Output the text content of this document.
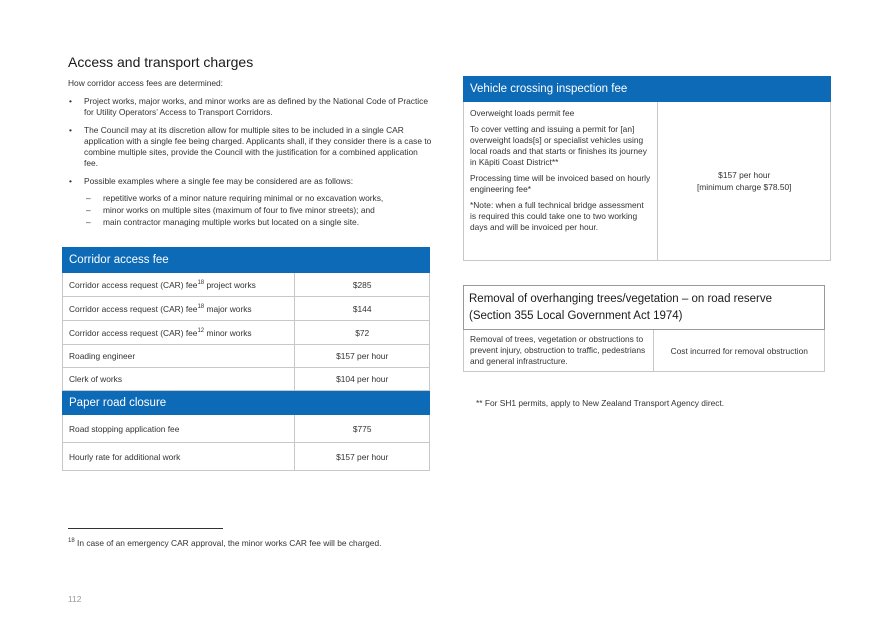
Access and transport charges
How corridor access fees are determined:
• Project works, major works, and minor works are as defined by the National Code of Practice for Utility Operators’ Access to Transport Corridors.
• The Council may at its discretion allow for multiple sites to be included in a single CAR application with a single fee being charged. Applicants shall, if they consider there is a case to combine multiple sites, provide the Council with the justification for a combined application fee.
• Possible examples where a single fee may be considered are as follows:
– repetitive works of a minor nature requiring minimal or no excavation works,
– minor works on multiple sites (maximum of four to five minor streets); and
– main contractor managing multiple works but located on a single site.
Corridor access fee	
Corridor access request (CAR) fee$^{18}$ project works	$285
Corridor access request (CAR) fee$^{18}$ major works	$144
Corridor access request (CAR) fee$^{12}$ minor works	$72
Roading engineer	$157 per hour
Clerk of works	$104 per hour
Paper road closure	
Road stopping application fee	$775
Hourly rate for additional work	$157 per hour
Vehicle crossing inspection fee

Overweight loads permit fee

To cover vetting and issuing a permit for [an] overweight loads[s] or specialist vehicles using local roads and that starts or finishes its journey in Kāpiti Coast District**

Processing time will be invoiced based on hourly engineering fee*

*Note: when a full technical bridge assessment is required this could take one to two working days and will be invoiced per hour.

$157 per hour
[minimum charge $78.50]
Removal of overhanging trees/vegetation – on road reserve
(Section 355 Local Government Act 1974)

Removal of trees, vegetation or obstructions to prevent injury, obstruction to traffic, pedestrians and general infrastructure.	Cost incurred for removal obstruction
** For SH1 permits, apply to New Zealand Transport Agency direct.
$^{18}$ In case of an emergency CAR approval, the minor works CAR fee will be charged.
112
